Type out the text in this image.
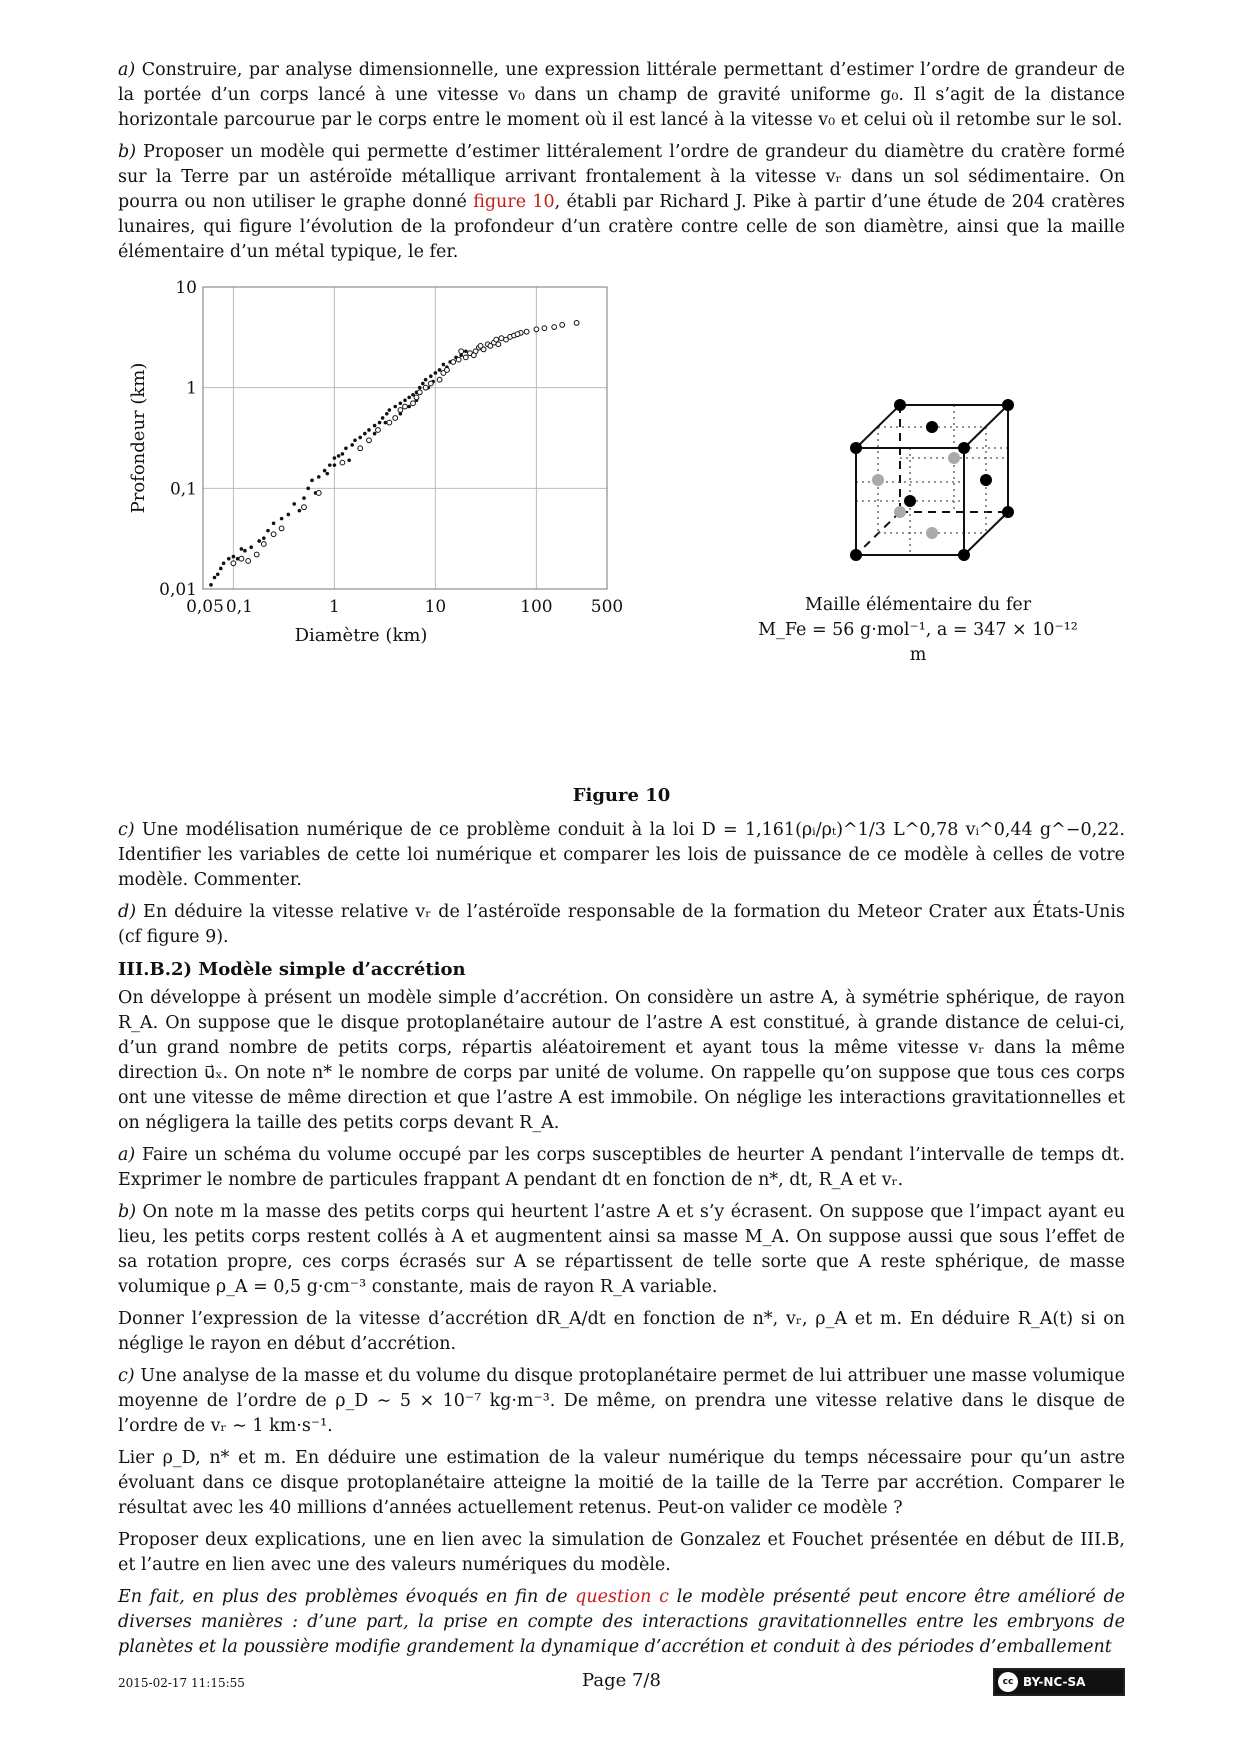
a) Construire, par analyse dimensionnelle, une expression littérale permettant d’estimer l’ordre de grandeur de la portée d’un corps lancé à une vitesse v₀ dans un champ de gravité uniforme g₀. Il s’agit de la distance horizontale parcourue par le corps entre le moment où il est lancé à la vitesse v₀ et celui où il retombe sur le sol.

b) Proposer un modèle qui permette d’estimer littéralement l’ordre de grandeur du diamètre du cratère formé sur la Terre par un astéroïde métallique arrivant frontalement à la vitesse vᵣ dans un sol sédimentaire. On pourra ou non utiliser le graphe donné figure 10, établi par Richard J. Pike à partir d’une étude de 204 cratères lunaires, qui figure l’évolution de la profondeur d’un cratère contre celle de son diamètre, ainsi que la maille élémentaire d’un métal typique, le fer.

0,05 0,1	1	10	100 500
0,01
0,1
1
10
Diamètre (km)
Profondeur (km)
Maille élémentaire du fer
M_Fe = 56 g·mol⁻¹, a = 347 × 10⁻¹² m
Figure 10

c) Une modélisation numérique de ce problème conduit à la loi D = 1,161(ρᵢ/ρₜ)^1/3 L^0,78 vᵢ^0,44 g^−0,22. Identifier les variables de cette loi numérique et comparer les lois de puissance de ce modèle à celles de votre modèle. Commenter.

d) En déduire la vitesse relative vᵣ de l’astéroïde responsable de la formation du Meteor Crater aux États-Unis (cf figure 9).

III.B.2) Modèle simple d’accrétion

On développe à présent un modèle simple d’accrétion. On considère un astre A, à symétrie sphérique, de rayon R_A. On suppose que le disque protoplanétaire autour de l’astre A est constitué, à grande distance de celui-ci, d’un grand nombre de petits corps, répartis aléatoirement et ayant tous la même vitesse vᵣ dans la même direction u⃗ₓ. On note n* le nombre de corps par unité de volume. On rappelle qu’on suppose que tous ces corps ont une vitesse de même direction et que l’astre A est immobile. On néglige les interactions gravitationnelles et on négligera la taille des petits corps devant R_A.

a) Faire un schéma du volume occupé par les corps susceptibles de heurter A pendant l’intervalle de temps dt. Exprimer le nombre de particules frappant A pendant dt en fonction de n*, dt, R_A et vᵣ.

b) On note m la masse des petits corps qui heurtent l’astre A et s’y écrasent. On suppose que l’impact ayant eu lieu, les petits corps restent collés à A et augmentent ainsi sa masse M_A. On suppose aussi que sous l’effet de sa rotation propre, ces corps écrasés sur A se répartissent de telle sorte que A reste sphérique, de masse volumique ρ_A = 0,5 g·cm⁻³ constante, mais de rayon R_A variable.

Donner l’expression de la vitesse d’accrétion dR_A/dt en fonction de n*, vᵣ, ρ_A et m. En déduire R_A(t) si on néglige le rayon en début d’accrétion.

c) Une analyse de la masse et du volume du disque protoplanétaire permet de lui attribuer une masse volumique moyenne de l’ordre de ρ_D ∼ 5 × 10⁻⁷ kg·m⁻³. De même, on prendra une vitesse relative dans le disque de l’ordre de vᵣ ∼ 1 km·s⁻¹.

Lier ρ_D, n* et m. En déduire une estimation de la valeur numérique du temps nécessaire pour qu’un astre évoluant dans ce disque protoplanétaire atteigne la moitié de la taille de la Terre par accrétion. Comparer le résultat avec les 40 millions d’années actuellement retenus. Peut-on valider ce modèle ?

Proposer deux explications, une en lien avec la simulation de Gonzalez et Fouchet présentée en début de III.B, et l’autre en lien avec une des valeurs numériques du modèle.

En fait, en plus des problèmes évoqués en fin de question c le modèle présenté peut encore être amélioré de diverses manières : d’une part, la prise en compte des interactions gravitationnelles entre les embryons de planètes et la poussière modifie grandement la dynamique d’accrétion et conduit à des périodes d’emballement

2015-02-17 11:15:55	Page 7/8	cc BY-NC-SA
